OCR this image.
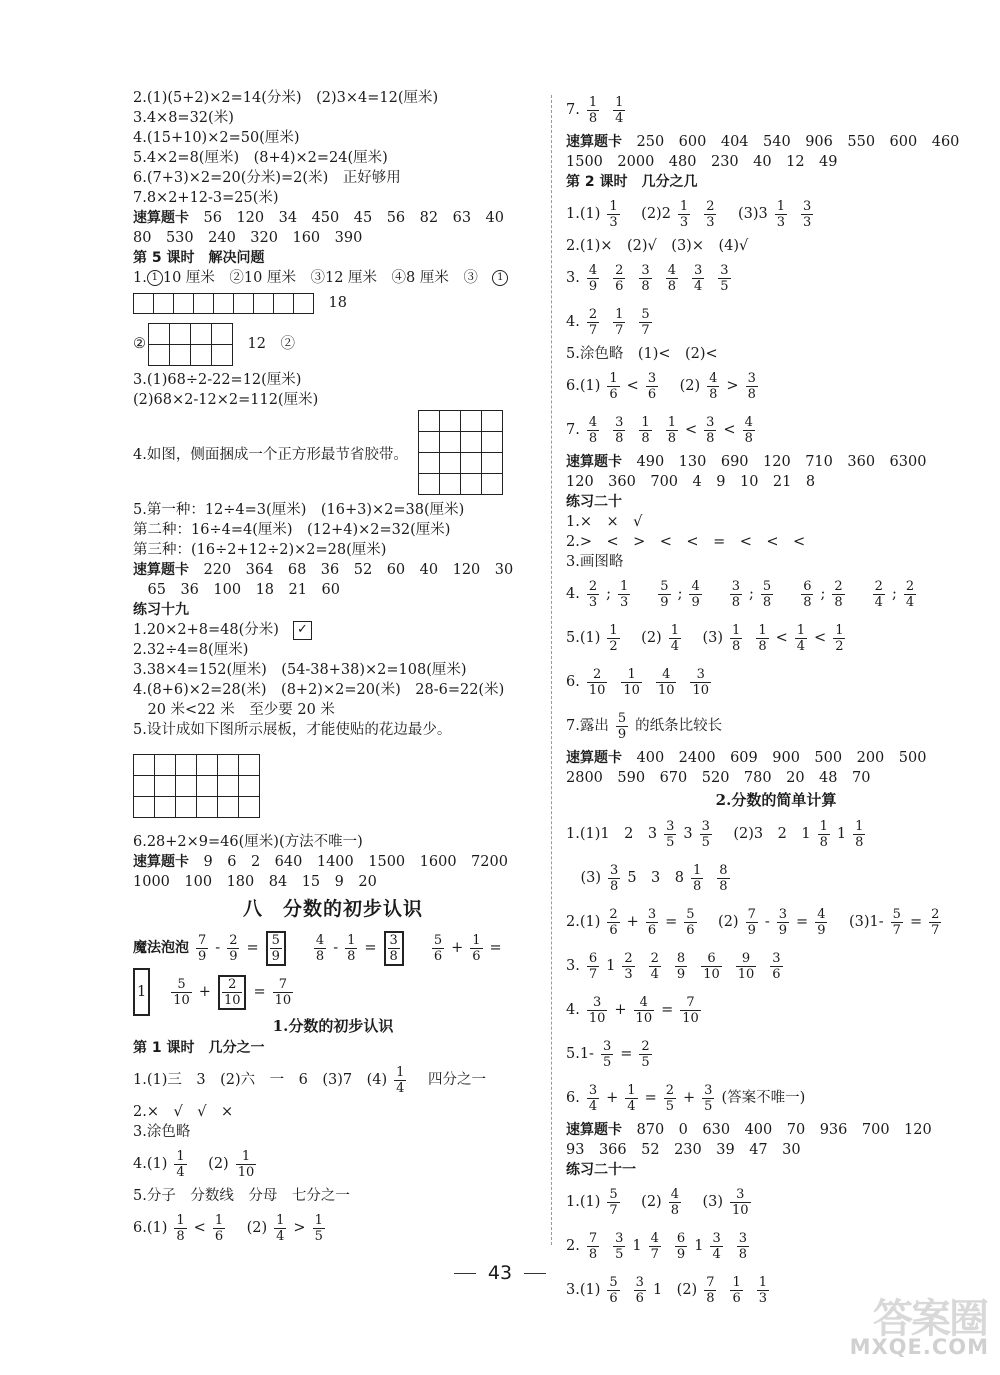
2.(1)(5+2)×2=14(分米)　(2)3×4=12(厘米)
3.4×8=32(米)
4.(15+10)×2=50(厘米)
5.4×2=8(厘米)　(8+4)×2=24(厘米)
6.(7+3)×2=20(分米)=2(米)　正好够用
7.8×2+12-3=25(米)
速算题卡 　56　120　34　450　45　56　82　63　40
80　530　240　320　160　390
第 5 课时　解决问题
1. 1 10 厘米　②10 厘米　③12 厘米　④8 厘米　③　 1
　18
②	　12　②
3.(1)68÷2-22=12(厘米)
(2)68×2-12×2=112(厘米)
4.如图，侧面捆成一个正方形最节省胶带。
5.第一种：12÷4=3(厘米)　(16+3)×2=38(厘米)
第二种：16÷4=4(厘米)　(12+4)×2=32(厘米)
第三种：(16÷2+12÷2)×2=28(厘米)
速算题卡 　220　364　68　36　52　60　40　120　30
　65　36　100　18　21　60
练习十九
1.20×2+8=48(分米)	✓
2.32÷4=8(厘米)
3.38×4=152(厘米)　(54-38+38)×2=108(厘米)
4.(8+6)×2=28(米)　(8+2)×2=20(米)　28-6=22(米)
　20 米<22 米　至少要 20 米
5.设计成如下图所示展板，才能使贴的花边最少。
6.28+2×9=46(厘米)(方法不唯一)
速算题卡 　9　6　2　640　1400　1500　1600　7200
1000　100　180　84　15　9　20
八　分数的初步认识
魔法泡泡 $\frac{7}{9} - \frac{2}{9} = \frac{5}{9} \frac{4}{8} - \frac{1}{8} = \frac{3}{8} \frac{5}{6} + \frac{1}{6}$ =
1	$\frac{5}{10} + \frac{2}{10} = \frac{7}{10}$
1.分数的初步认识
第 1 课时　几分之一
1.(1)三　3　(2)六　一　6　(3)7　$(4) \frac{1}{4}$ 　四分之一
2.×　√　√　×
3.涂色略
$4.(1) \frac{1}{4}$ 　$(2) \frac{1}{10}$
5.分子　分数线　分母　七分之一
$6.(1) \frac{1}{8} < \frac{1}{6}$ 　$(2) \frac{1}{4} > \frac{1}{5}$
7. $\frac{1}{8} \frac{1}{4}$
速算题卡 　250　600　404　540　906　550　600　460
1500　2000　480　230　40　12　49
第 2 课时　几分之几
$1.(1) \frac{1}{3}$ 　$(2)2 \frac{1}{3} \frac{2}{3}$ 　$(3)3 \frac{1}{3} \frac{3}{3}$
2.(1)×　(2)√　(3)×　(4)√
3. $\frac{4}{9} \frac{2}{6} \frac{3}{8} \frac{4}{8} \frac{3}{4} \frac{3}{5}$
4. $\frac{2}{7} \frac{1}{7} \frac{5}{7}$
5.涂色略　(1)<　(2)<
$6.(1) \frac{1}{6} < \frac{3}{6}$ 　$(2) \frac{4}{8} > \frac{3}{8}$
7. $\frac{4}{8} \frac{3}{8} \frac{1}{8} \frac{1}{8} < \frac{3}{8} < \frac{4}{8}$
速算题卡 　490　130　690　120　710　360　6300
120　360　700　4　9　10　21　8
练习二十
1.×　×　√
2.>　<　>　<　<　=　<　<　<
3.画图略
4. $\frac{2}{3}$ ; $\frac{1}{3} \frac{5}{9}$ ; $\frac{4}{9} \frac{3}{8}$ ; $\frac{5}{8} \frac{6}{8}$ ; $\frac{2}{8} \frac{2}{4}$ ; $\frac{2}{4}$
$5.(1) \frac{1}{2}$ 　$(2) \frac{1}{4}$ 　$(3) \frac{1}{8} \frac{1}{8} < \frac{1}{4} < \frac{1}{2}$
6. $\frac{2}{10} \frac{1}{10} \frac{4}{10} \frac{3}{10}$
7.露出 $\frac{5}{9}$ 的纸条比较长
速算题卡 　400　2400　609　900　500　200　500
2800　590　670　520　780　20　48　70
2.分数的简单计算
1.(1)1　2　$3 \frac{3}{5} 3 \frac{3}{5}$ 　(2)3　2　$1 \frac{1}{8} 1 \frac{1}{8}$
　$(3) \frac{3}{8} 5$　3　$8 \frac{1}{8} \frac{8}{8}$
$2.(1) \frac{2}{6} + \frac{3}{6} = \frac{5}{6}$ 　$(2) \frac{7}{9} - \frac{3}{9} = \frac{4}{9}$ 　$(3)1- \frac{5}{7} = \frac{2}{7}$
3. $\frac{6}{7} 1 \frac{2}{3} \frac{2}{4} \frac{8}{9} \frac{6}{10} \frac{9}{10} \frac{3}{6}$
4. $\frac{3}{10} + \frac{4}{10} = \frac{7}{10}$
$5.1- \frac{3}{5} = \frac{2}{5}$
6. $\frac{3}{4} + \frac{1}{4} = \frac{2}{5} + \frac{3}{5}$ (答案不唯一)
速算题卡 　870　0　630　400　70　936　700　120
93　366　52　230　39　47　30
练习二十一
$1.(1) \frac{5}{7}$ 　$(2) \frac{4}{8}$ 　$(3) \frac{3}{10}$
2. $\frac{7}{8} \frac{3}{5} 1 \frac{4}{7} \frac{6}{9} 1 \frac{3}{4} \frac{3}{8}$
$3.(1) \frac{5}{6} \frac{3}{6} 1$　$(2) \frac{7}{8} \frac{1}{6} \frac{1}{3}$
43
答案圈
MXQE.COM
